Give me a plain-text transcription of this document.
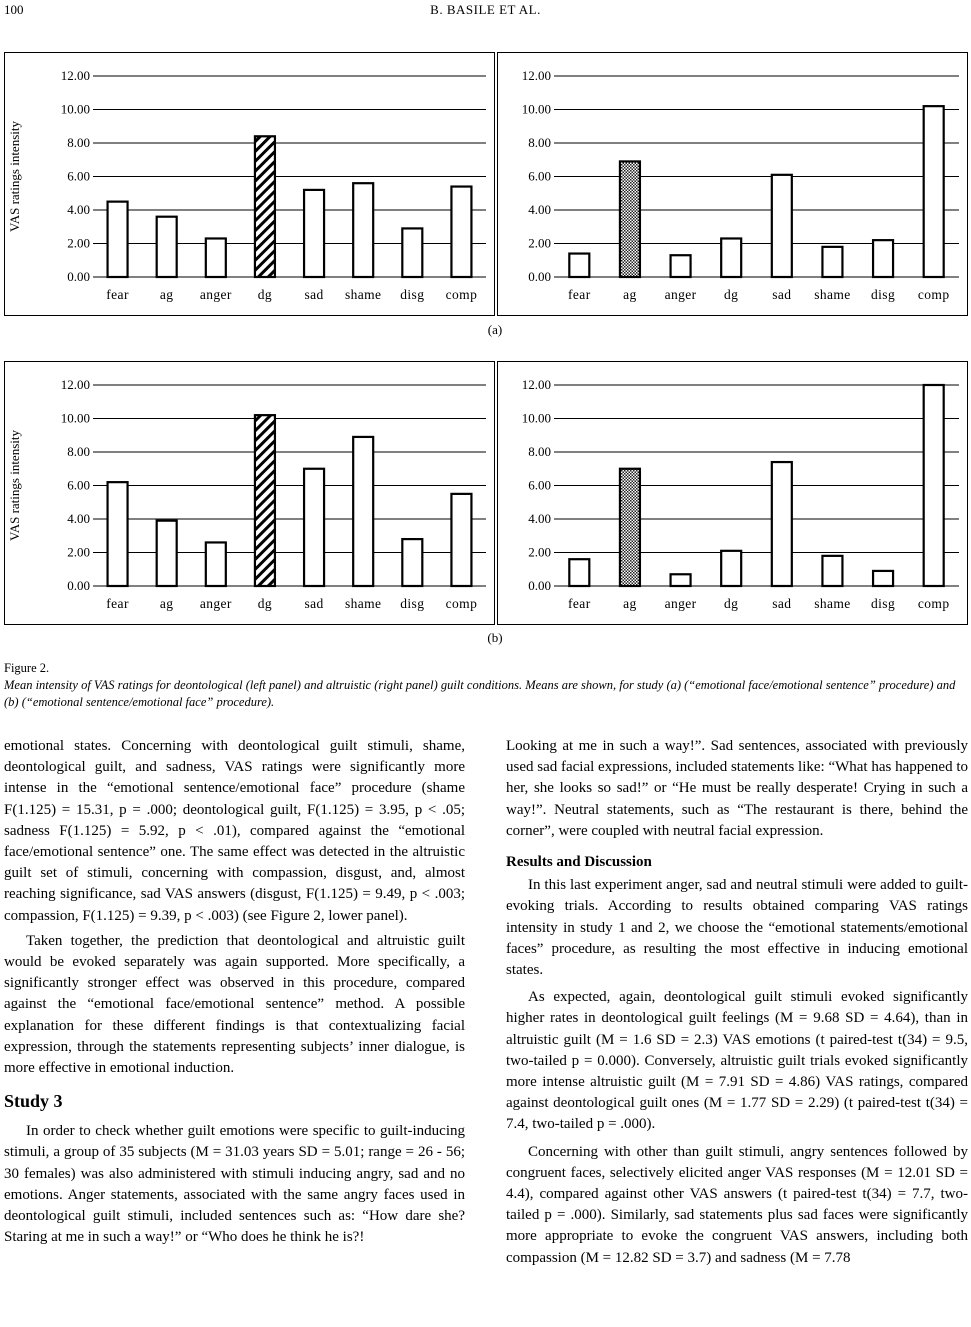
100	B. BASILE ET AL.
VAS ratings intensity
0.00
2.00
4.00
6.00
8.00
10.00
12.00
fear ag anger dg sad shame disg comp
0.00
2.00
4.00
6.00
8.00
10.00
12.00
fear ag anger dg	sad shame disg comp
(a)
VAS ratings intensity
0.00
2.00
4.00
6.00
8.00
10.00
12.00
fear ag anger dg sad shame disg comp
0.00
2.00
4.00
6.00
8.00
10.00
12.00
fear ag anger dg	sad shame disg comp
(b)
Figure 2.
Mean intensity of VAS ratings for deontological (left panel) and altruistic (right panel) guilt conditions. Means are shown, for study (a) (“emotional face/emotional sentence” procedure) and (b) (“emotional sentence/emotional face” procedure).

emotional states. Concerning with deontological guilt stimuli, shame, deontological guilt, and sadness, VAS ratings were significantly more intense in the “emotional sentence/emotional face” procedure (shame F(1.125) = 15.31, p = .000; deontological guilt, F(1.125) = 3.95, p < .05; sadness F(1.125) = 5.92, p < .01), compared against the “emotional face/emotional sentence” one. The same effect was detected in the altruistic guilt set of stimuli, concerning with compassion, disgust, and, almost reaching significance, sad VAS answers (disgust, F(1.125) = 9.49, p < .003; compassion, F(1.125) = 9.39, p < .003) (see Figure 2, lower panel).

Taken together, the prediction that deontological and altruistic guilt would be evoked separately was again supported. More specifically, a significantly stronger effect was observed in this procedure, compared against the “emotional face/emotional sentence” method. A possible explanation for these different findings is that contextualizing facial expression, through the statements representing subjects’ inner dialogue, is more effective in emotional induction.

Study 3

In order to check whether guilt emotions were specific to guilt-inducing stimuli, a group of 35 subjects (M = 31.03 years SD = 5.01; range = 26 - 56; 30 females) was also administered with stimuli inducing angry, sad and no emotions. Anger statements, associated with the same angry faces used in deontological guilt stimuli, included sentences such as: “How dare she? Staring at me in such a way!” or “Who does he think he is?!

Looking at me in such a way!”. Sad sentences, associated with previously used sad facial expressions, included statements like: “What has happened to her, she looks so sad!” or “He must be really desperate! Crying in such a way!”. Neutral statements, such as “The restaurant is there, behind the corner”, were coupled with neutral facial expression.

Results and Discussion

In this last experiment anger, sad and neutral stimuli were added to guilt-evoking trials. According to results obtained comparing VAS ratings intensity in study 1 and 2, we choose the “emotional statements/emotional faces” procedure, as resulting the most effective in inducing emotional states.

As expected, again, deontological guilt stimuli evoked significantly higher rates in deontological guilt feelings (M = 9.68 SD = 4.64), than in altruistic guilt (M = 1.6 SD = 2.3) VAS emotions (t paired-test t(34) = 9.5, two-tailed p = 0.000). Conversely, altruistic guilt trials evoked significantly more intense altruistic guilt (M = 7.91 SD = 4.86) VAS ratings, compared against deontological guilt ones (M = 1.77 SD = 2.29) (t paired-test t(34) = 7.4, two-tailed p = .000).

Concerning with other than guilt stimuli, angry sentences followed by congruent faces, selectively elicited anger VAS responses (M = 12.01 SD = 4.4), compared against other VAS answers (t paired-test t(34) = 7.7, two-tailed p = .000). Similarly, sad statements plus sad faces were significantly more appropriate to evoke the congruent VAS answers, including both compassion (M = 12.82 SD = 3.7) and sadness (M = 7.78
